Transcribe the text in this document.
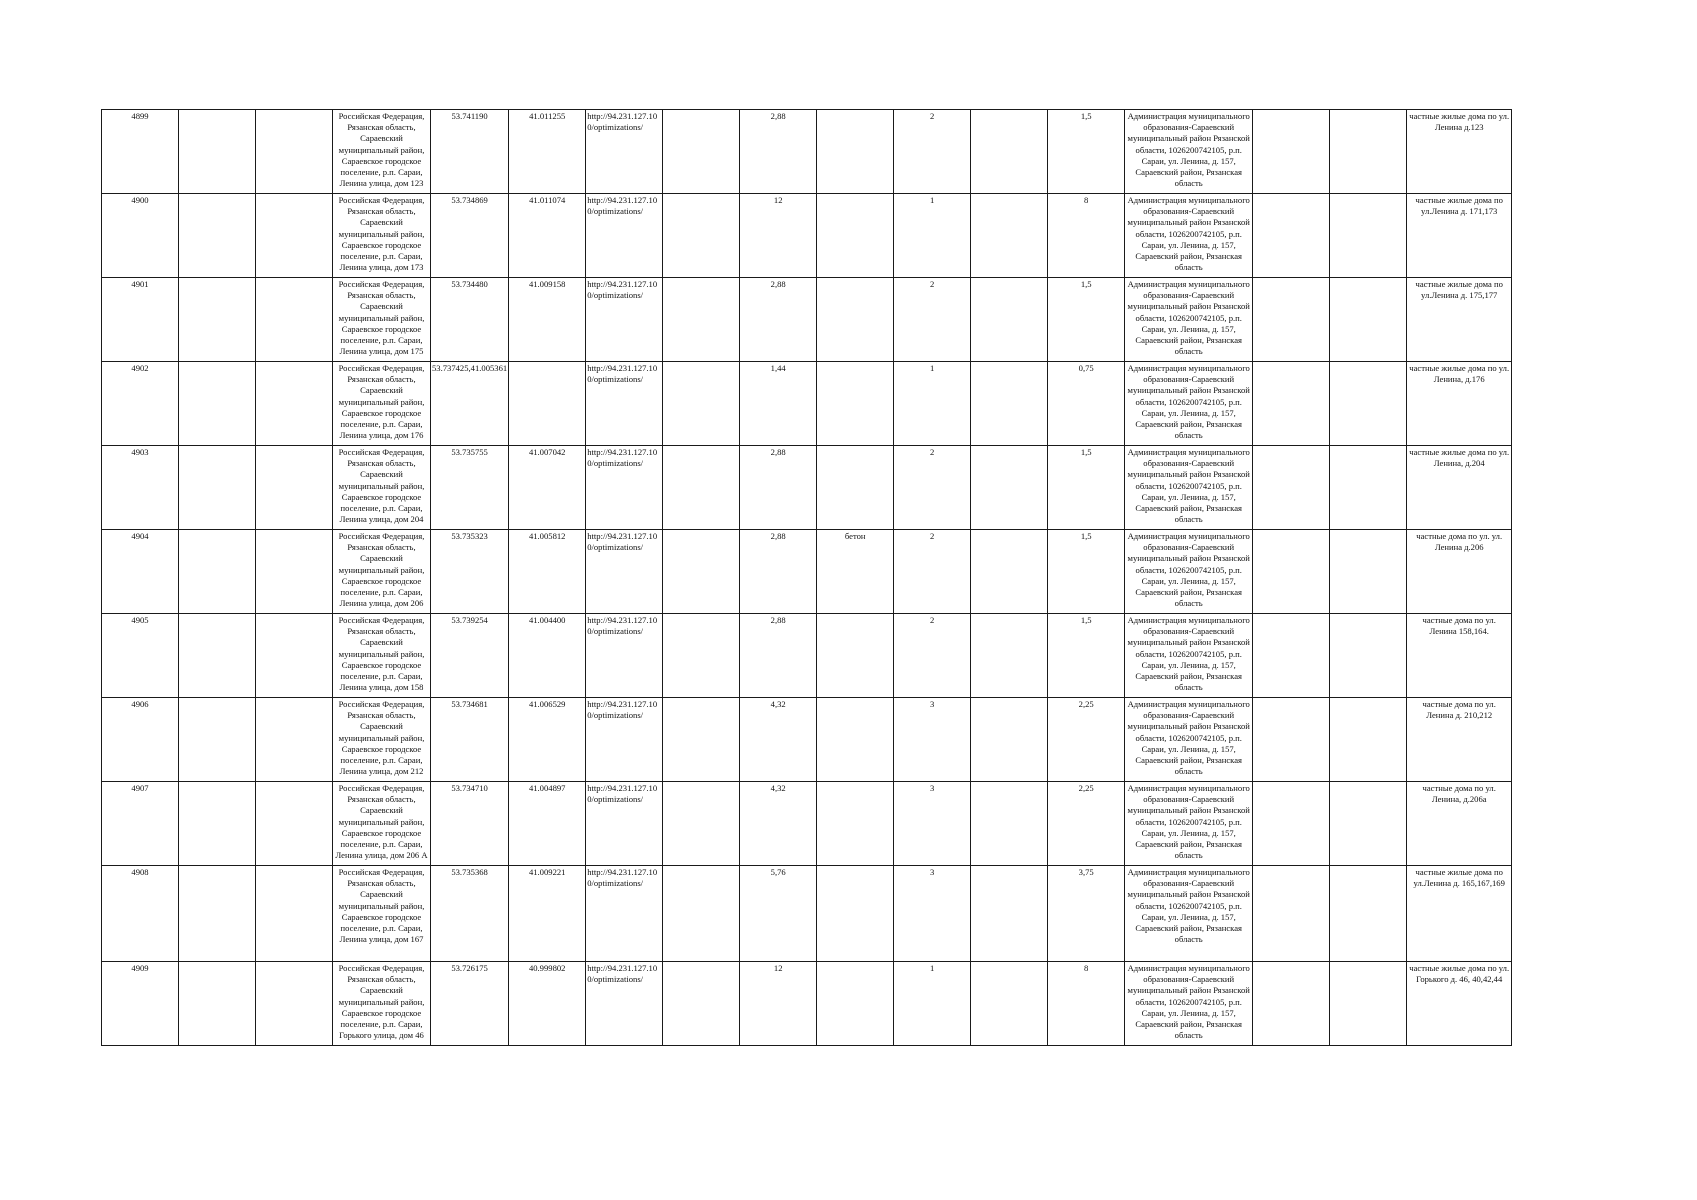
4899			Российская Федерация, Рязанская область, Сараевский муниципальный район, Сараевское городское поселение, р.п. Сараи, Ленина улица, дом 123	53.741190	41.011255	http://94.231.127.10 0/optimizations/		2,88		2		1,5	Администрация муниципального образования-Сараевский муниципальный район Рязанской области, 1026200742105, р.п. Сараи, ул. Ленина, д. 157, Сараевский район, Рязанская область			частные жилые дома по ул. Ленина д.123
4900			Российская Федерация, Рязанская область, Сараевский муниципальный район, Сараевское городское поселение, р.п. Сараи, Ленина улица, дом 173	53.734869	41.011074	http://94.231.127.10 0/optimizations/		12		1		8	Администрация муниципального образования-Сараевский муниципальный район Рязанской области, 1026200742105, р.п. Сараи, ул. Ленина, д. 157, Сараевский район, Рязанская область			частные жилые дома по ул.Ленина д. 171,173
4901			Российская Федерация, Рязанская область, Сараевский муниципальный район, Сараевское городское поселение, р.п. Сараи, Ленина улица, дом 175	53.734480	41.009158	http://94.231.127.10 0/optimizations/		2,88		2		1,5	Администрация муниципального образования-Сараевский муниципальный район Рязанской области, 1026200742105, р.п. Сараи, ул. Ленина, д. 157, Сараевский район, Рязанская область			частные жилые дома по ул.Ленина д. 175,177
4902			Российская Федерация, Рязанская область, Сараевский муниципальный район, Сараевское городское поселение, р.п. Сараи, Ленина улица, дом 176	53.737425,41.005361		http://94.231.127.10 0/optimizations/		1,44		1		0,75	Администрация муниципального образования-Сараевский муниципальный район Рязанской области, 1026200742105, р.п. Сараи, ул. Ленина, д. 157, Сараевский район, Рязанская область			частные жилые дома по ул. Ленина, д.176
4903			Российская Федерация, Рязанская область, Сараевский муниципальный район, Сараевское городское поселение, р.п. Сараи, Ленина улица, дом 204	53.735755	41.007042	http://94.231.127.10 0/optimizations/		2,88		2		1,5	Администрация муниципального образования-Сараевский муниципальный район Рязанской области, 1026200742105, р.п. Сараи, ул. Ленина, д. 157, Сараевский район, Рязанская область			частные жилые дома по ул. Ленина, д.204
4904			Российская Федерация, Рязанская область, Сараевский муниципальный район, Сараевское городское поселение, р.п. Сараи, Ленина улица, дом 206	53.735323	41.005812	http://94.231.127.10 0/optimizations/		2,88	бетон	2		1,5	Администрация муниципального образования-Сараевский муниципальный район Рязанской области, 1026200742105, р.п. Сараи, ул. Ленина, д. 157, Сараевский район, Рязанская область			частные дома по ул. ул. Ленина д.206
4905			Российская Федерация, Рязанская область, Сараевский муниципальный район, Сараевское городское поселение, р.п. Сараи, Ленина улица, дом 158	53.739254	41.004400	http://94.231.127.10 0/optimizations/		2,88		2		1,5	Администрация муниципального образования-Сараевский муниципальный район Рязанской области, 1026200742105, р.п. Сараи, ул. Ленина, д. 157, Сараевский район, Рязанская область			частные дома по ул. Ленина 158,164.
4906			Российская Федерация, Рязанская область, Сараевский муниципальный район, Сараевское городское поселение, р.п. Сараи, Ленина улица, дом 212	53.734681	41.006529	http://94.231.127.10 0/optimizations/		4,32		3		2,25	Администрация муниципального образования-Сараевский муниципальный район Рязанской области, 1026200742105, р.п. Сараи, ул. Ленина, д. 157, Сараевский район, Рязанская область			частные дома по ул. Ленина д. 210,212
4907			Российская Федерация, Рязанская область, Сараевский муниципальный район, Сараевское городское поселение, р.п. Сараи, Ленина улица, дом 206 А	53.734710	41.004897	http://94.231.127.10 0/optimizations/		4,32		3		2,25	Администрация муниципального образования-Сараевский муниципальный район Рязанской области, 1026200742105, р.п. Сараи, ул. Ленина, д. 157, Сараевский район, Рязанская область			частные дома по ул. Ленина, д.206а
4908			Российская Федерация, Рязанская область, Сараевский муниципальный район, Сараевское городское поселение, р.п. Сараи, Ленина улица, дом 167	53.735368	41.009221	http://94.231.127.10 0/optimizations/		5,76		3		3,75	Администрация муниципального образования-Сараевский муниципальный район Рязанской области, 1026200742105, р.п. Сараи, ул. Ленина, д. 157, Сараевский район, Рязанская область			частные жилые дома по ул.Ленина д. 165,167,169
4909			Российская Федерация, Рязанская область, Сараевский муниципальный район, Сараевское городское поселение, р.п. Сараи, Горького улица, дом 46	53.726175	40.999802	http://94.231.127.10 0/optimizations/		12		1		8	Администрация муниципального образования-Сараевский муниципальный район Рязанской области, 1026200742105, р.п. Сараи, ул. Ленина, д. 157, Сараевский район, Рязанская область			частные жилые дома по ул. Горького д. 46, 40,42,44
